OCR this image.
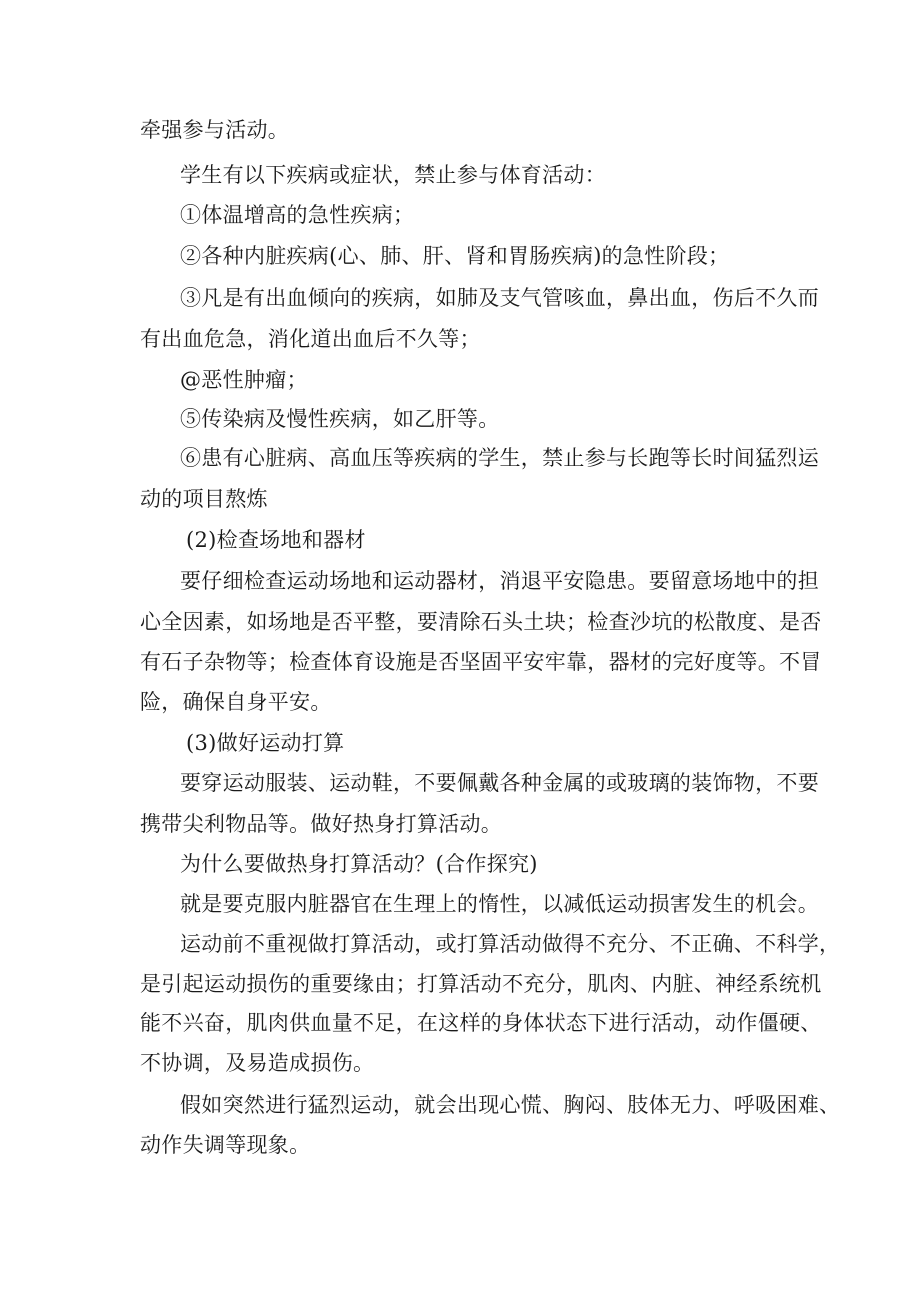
牵强参与活动。
学生有以下疾病或症状，禁止参与体育活动：
①体温增高的急性疾病；
②各种内脏疾病(心、肺、肝、肾和胃肠疾病)的急性阶段；
③凡是有出血倾向的疾病，如肺及支气管咳血，鼻出血，伤后不久而
有出血危急，消化道出血后不久等；
@恶性肿瘤；
⑤传染病及慢性疾病，如乙肝等。
⑥患有心脏病、高血压等疾病的学生，禁止参与长跑等长时间猛烈运
动的项目熬炼
(2)检查场地和器材
要仔细检查运动场地和运动器材，消退平安隐患。要留意场地中的担
心全因素，如场地是否平整，要清除石头土块；检查沙坑的松散度、是否
有石子杂物等；检查体育设施是否坚固平安牢靠，器材的完好度等。不冒
险，确保自身平安。
(3)做好运动打算
要穿运动服装、运动鞋，不要佩戴各种金属的或玻璃的装饰物，不要
携带尖利物品等。做好热身打算活动。
为什么要做热身打算活动？(合作探究)
就是要克服内脏器官在生理上的惰性，以减低运动损害发生的机会。
运动前不重视做打算活动，或打算活动做得不充分、不正确、不科学，
是引起运动损伤的重要缘由；打算活动不充分，肌肉、内脏、神经系统机
能不兴奋，肌肉供血量不足，在这样的身体状态下进行活动，动作僵硬、
不协调，及易造成损伤。
假如突然进行猛烈运动，就会出现心慌、胸闷、肢体无力、呼吸困难、
动作失调等现象。
